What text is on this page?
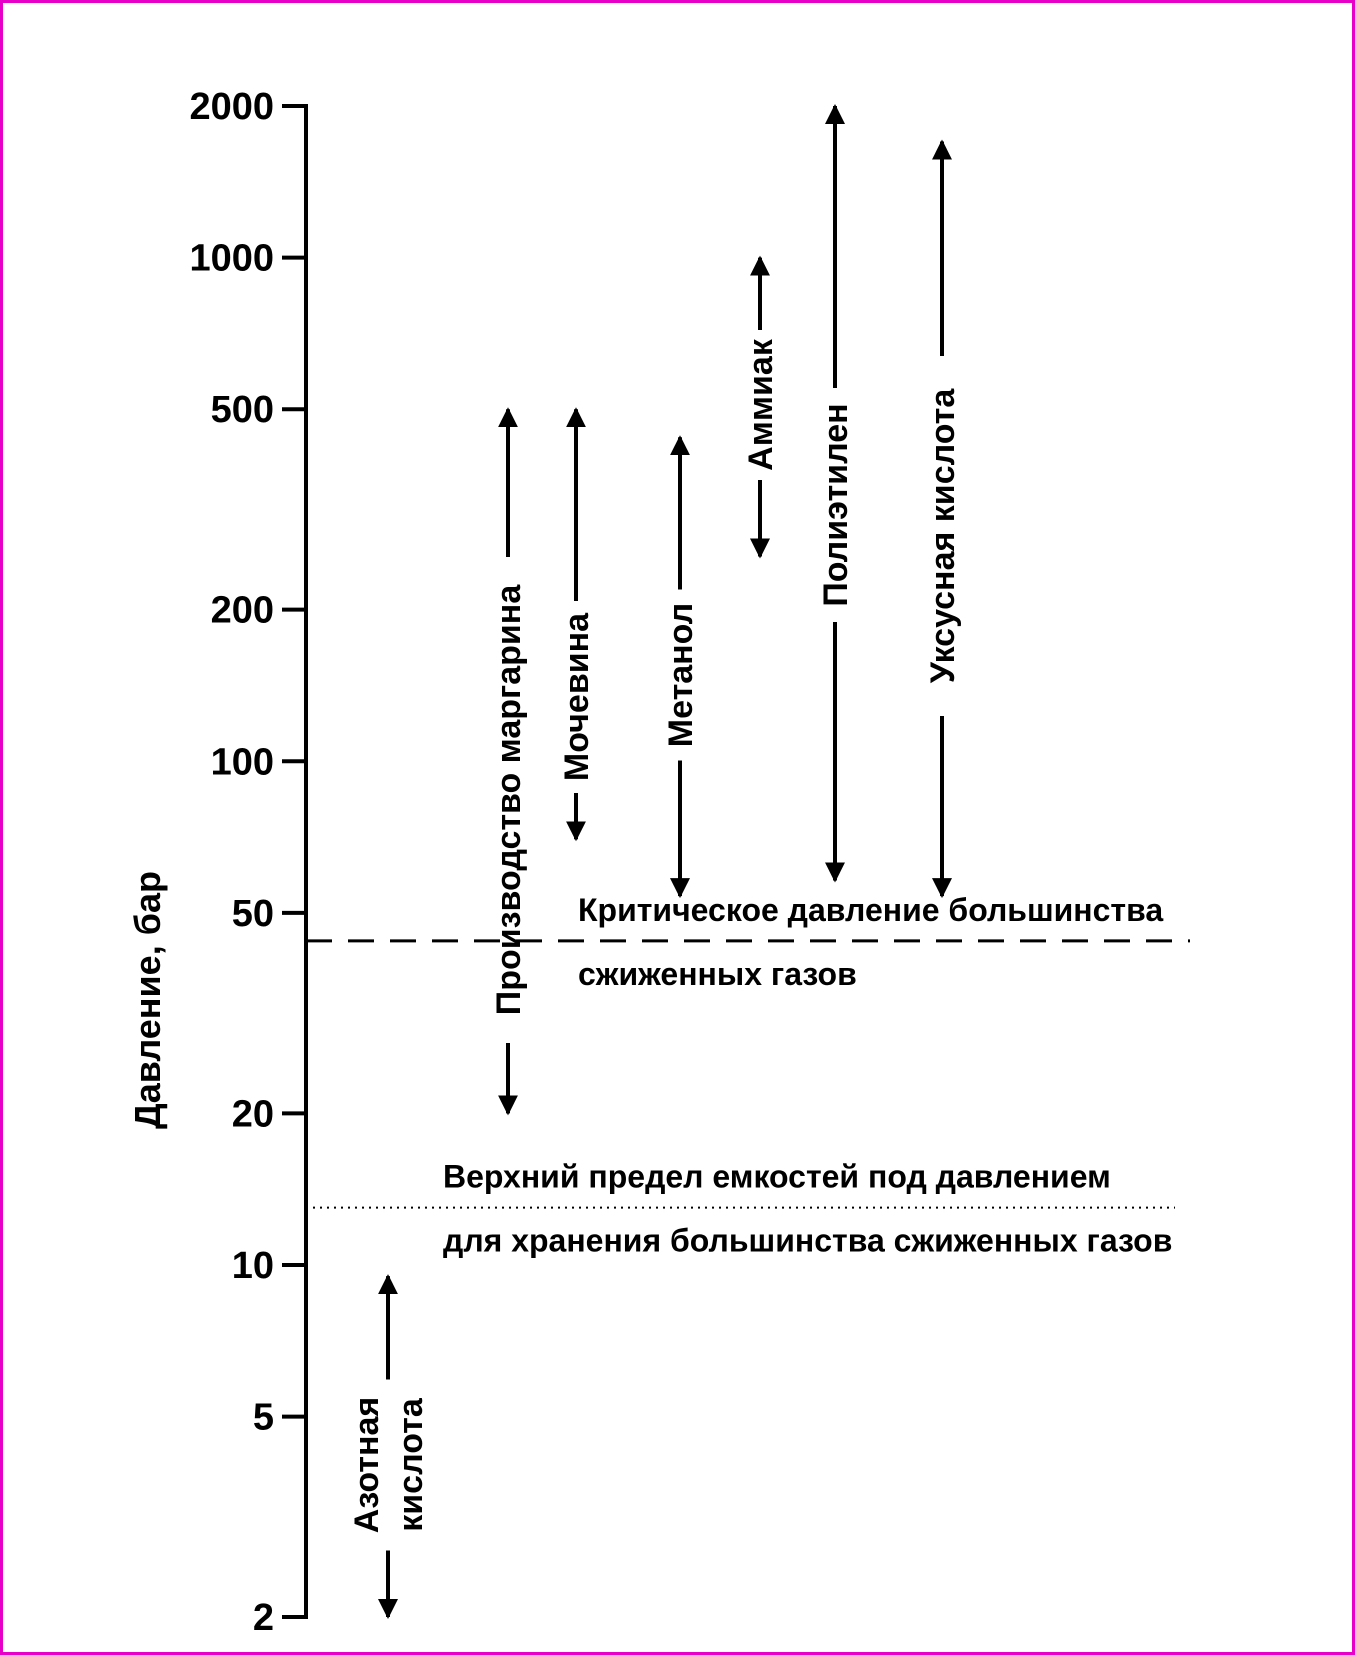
2
5
10
20
50
100
200
500
1000
2000
Критическое давление большинства
сжиженных газов
Верхний предел емкостей под давлением
для хранения большинства сжиженных газов
Азотная кислота
Производство маргарина Мочевина Метанол
Аммиак Полиэтилен Уксусная кислота
Давление, бар
